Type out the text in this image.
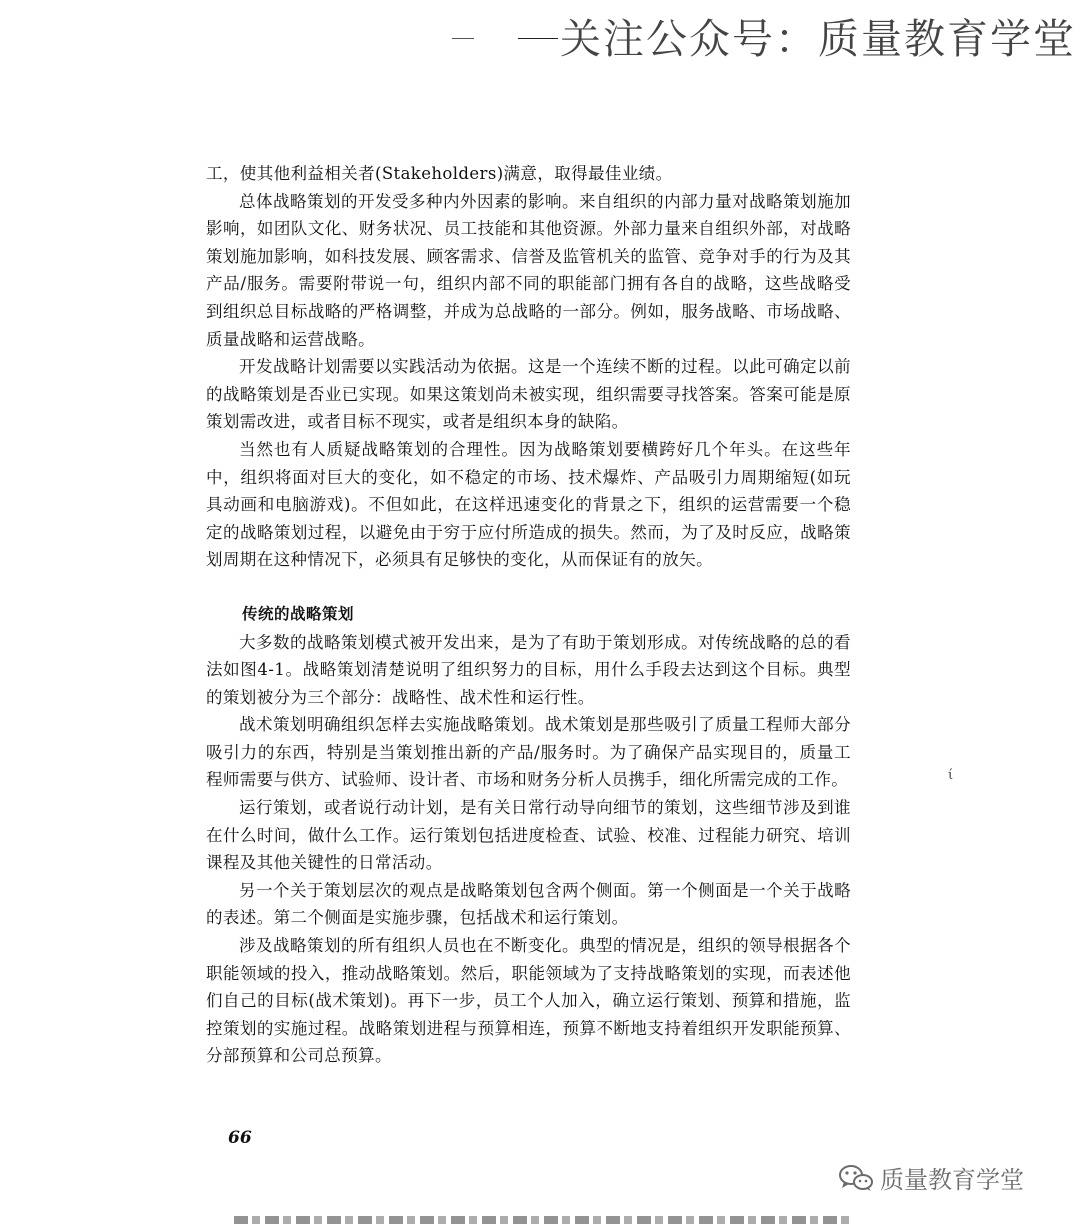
关注公众号：质量教育学堂

工，使其他利益相关者(Stakeholders)满意，取得最佳业绩。

总体战略策划的开发受多种内外因素的影响。来自组织的内部力量对战略策划施加影响，如团队文化、财务状况、员工技能和其他资源。外部力量来自组织外部，对战略策划施加影响，如科技发展、顾客需求、信誉及监管机关的监管、竞争对手的行为及其产品/服务。需要附带说一句，组织内部不同的职能部门拥有各自的战略，这些战略受到组织总目标战略的严格调整，并成为总战略的一部分。例如，服务战略、市场战略、质量战略和运营战略。

开发战略计划需要以实践活动为依据。这是一个连续不断的过程。以此可确定以前的战略策划是否业已实现。如果这策划尚未被实现，组织需要寻找答案。答案可能是原策划需改进，或者目标不现实，或者是组织本身的缺陷。

当然也有人质疑战略策划的合理性。因为战略策划要横跨好几个年头。在这些年中，组织将面对巨大的变化，如不稳定的市场、技术爆炸、产品吸引力周期缩短(如玩具动画和电脑游戏)。不但如此，在这样迅速变化的背景之下，组织的运营需要一个稳定的战略策划过程，以避免由于穷于应付所造成的损失。然而，为了及时反应，战略策划周期在这种情况下，必须具有足够快的变化，从而保证有的放矢。

传统的战略策划

大多数的战略策划模式被开发出来，是为了有助于策划形成。对传统战略的总的看法如图4-1。战略策划清楚说明了组织努力的目标，用什么手段去达到这个目标。典型的策划被分为三个部分：战略性、战术性和运行性。

战术策划明确组织怎样去实施战略策划。战术策划是那些吸引了质量工程师大部分吸引力的东西，特别是当策划推出新的产品/服务时。为了确保产品实现目的，质量工程师需要与供方、试验师、设计者、市场和财务分析人员携手，细化所需完成的工作。

运行策划，或者说行动计划，是有关日常行动导向细节的策划，这些细节涉及到谁在什么时间，做什么工作。运行策划包括进度检查、试验、校准、过程能力研究、培训课程及其他关键性的日常活动。

另一个关于策划层次的观点是战略策划包含两个侧面。第一个侧面是一个关于战略的表述。第二个侧面是实施步骤，包括战术和运行策划。

涉及战略策划的所有组织人员也在不断变化。典型的情况是，组织的领导根据各个职能领域的投入，推动战略策划。然后，职能领域为了支持战略策划的实现，而表述他们自己的目标(战术策划)。再下一步，员工个人加入，确立运行策划、预算和措施，监控策划的实施过程。战略策划进程与预算相连，预算不断地支持着组织开发职能预算、分部预算和公司总预算。

ί
66
质量教育学堂
